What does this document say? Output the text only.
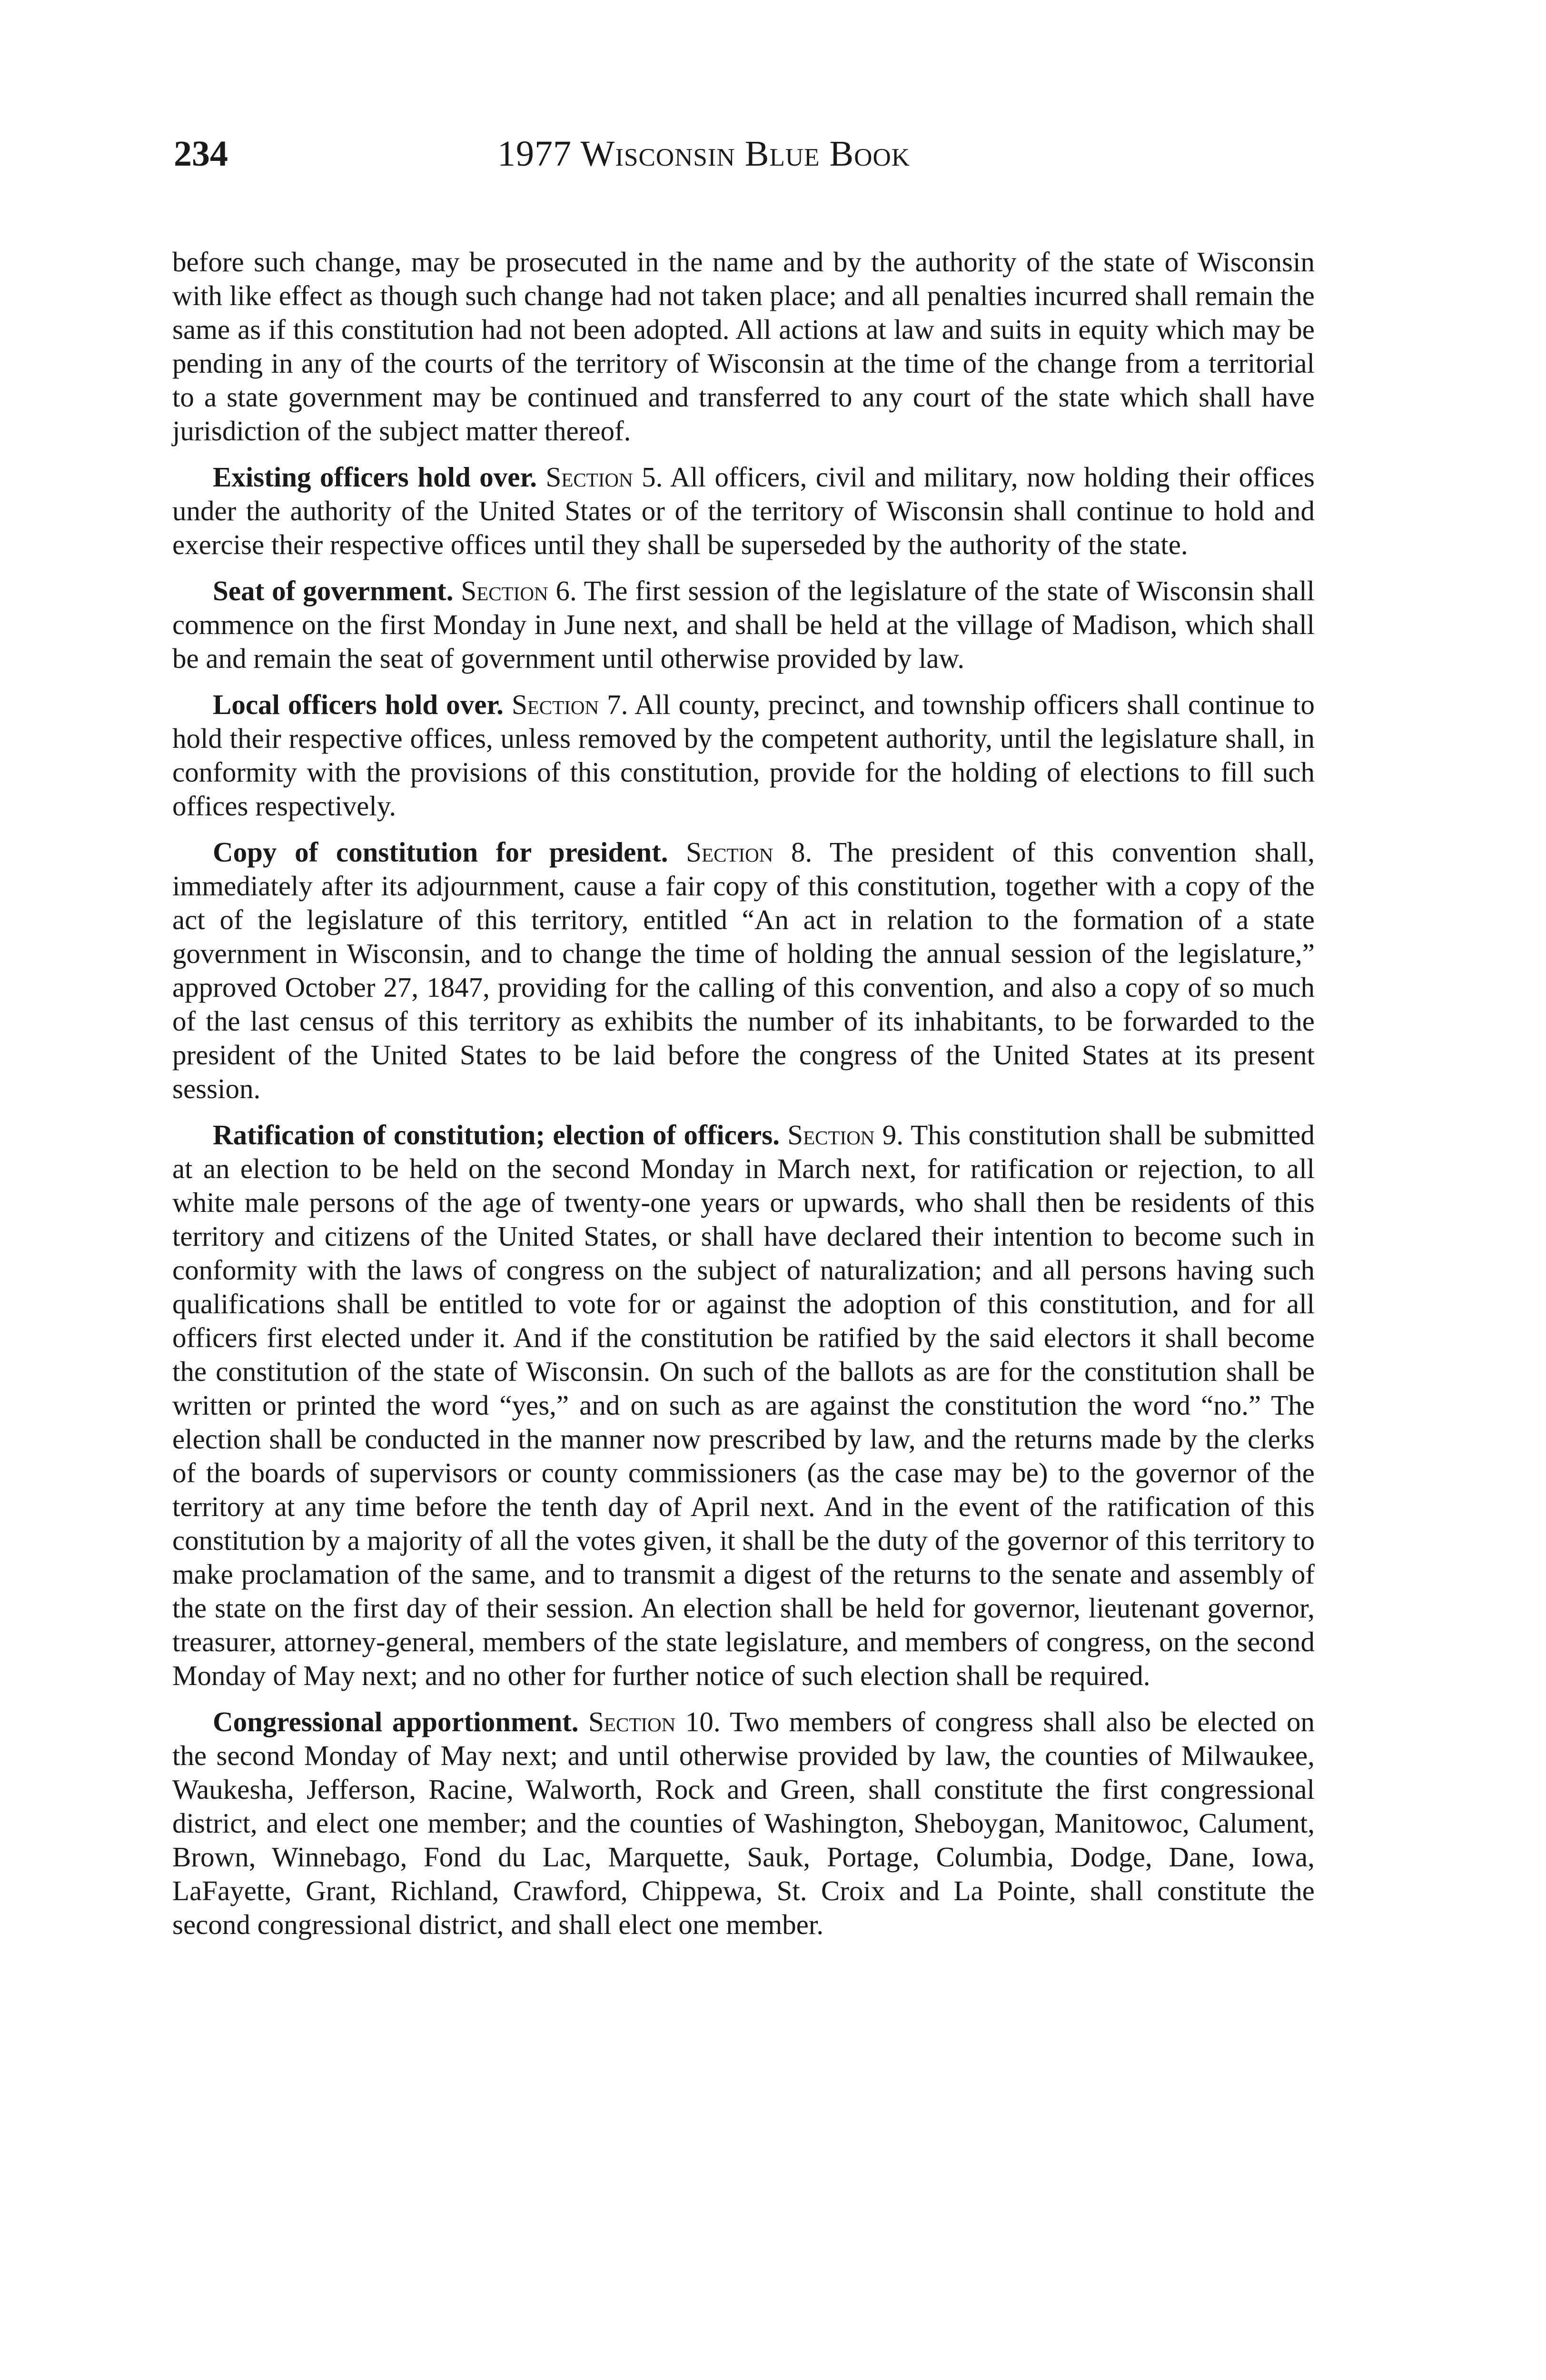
234	1977 Wisconsin Blue Book

before such change, may be prosecuted in the name and by the authority of the state of Wisconsin with like effect as though such change had not taken place; and all penalties incurred shall remain the same as if this constitution had not been adopted. All actions at law and suits in equity which may be pending in any of the courts of the territory of Wisconsin at the time of the change from a territorial to a state government may be continued and transferred to any court of the state which shall have jurisdiction of the subject matter thereof.

Existing officers hold over. Section 5. All officers, civil and military, now holding their offices under the authority of the United States or of the territory of Wisconsin shall continue to hold and exercise their respective offices until they shall be superseded by the authority of the state.

Seat of government. Section 6. The first session of the legislature of the state of Wisconsin shall commence on the first Monday in June next, and shall be held at the village of Madison, which shall be and remain the seat of government until otherwise provided by law.

Local officers hold over. Section 7. All county, precinct, and township officers shall continue to hold their respective offices, unless removed by the competent authority, until the legislature shall, in conformity with the provisions of this constitution, provide for the holding of elections to fill such offices respectively.

Copy of constitution for president. Section 8. The president of this convention shall, immediately after its adjournment, cause a fair copy of this constitution, together with a copy of the act of the legislature of this territory, entitled “An act in relation to the formation of a state government in Wisconsin, and to change the time of holding the annual session of the legislature,” approved October 27, 1847, providing for the calling of this convention, and also a copy of so much of the last census of this territory as exhibits the number of its inhabitants, to be forwarded to the president of the United States to be laid before the congress of the United States at its present session.

Ratification of constitution; election of officers. Section 9. This constitution shall be submitted at an election to be held on the second Monday in March next, for ratification or rejection, to all white male persons of the age of twenty-one years or upwards, who shall then be residents of this territory and citizens of the United States, or shall have declared their intention to become such in conformity with the laws of congress on the subject of naturalization; and all persons having such qualifications shall be entitled to vote for or against the adoption of this constitution, and for all officers first elected under it. And if the constitution be ratified by the said electors it shall become the constitution of the state of Wisconsin. On such of the ballots as are for the constitution shall be written or printed the word “yes,” and on such as are against the constitution the word “no.” The election shall be conducted in the manner now prescribed by law, and the returns made by the clerks of the boards of supervisors or county commissioners (as the case may be) to the governor of the territory at any time before the tenth day of April next. And in the event of the ratification of this constitution by a majority of all the votes given, it shall be the duty of the governor of this territory to make proclamation of the same, and to transmit a digest of the returns to the senate and assembly of the state on the first day of their session. An election shall be held for governor, lieutenant governor, treasurer, attorney-general, members of the state legislature, and members of congress, on the second Monday of May next; and no other for further notice of such election shall be required.

Congressional apportionment. Section 10. Two members of congress shall also be elected on the second Monday of May next; and until otherwise provided by law, the counties of Milwaukee, Waukesha, Jefferson, Racine, Walworth, Rock and Green, shall constitute the first congressional district, and elect one member; and the counties of Washington, Sheboygan, Manitowoc, Calument, Brown, Winnebago, Fond du Lac, Marquette, Sauk, Portage, Columbia, Dodge, Dane, Iowa, LaFayette, Grant, Richland, Crawford, Chippewa, St. Croix and La Pointe, shall constitute the second congressional district, and shall elect one member.
